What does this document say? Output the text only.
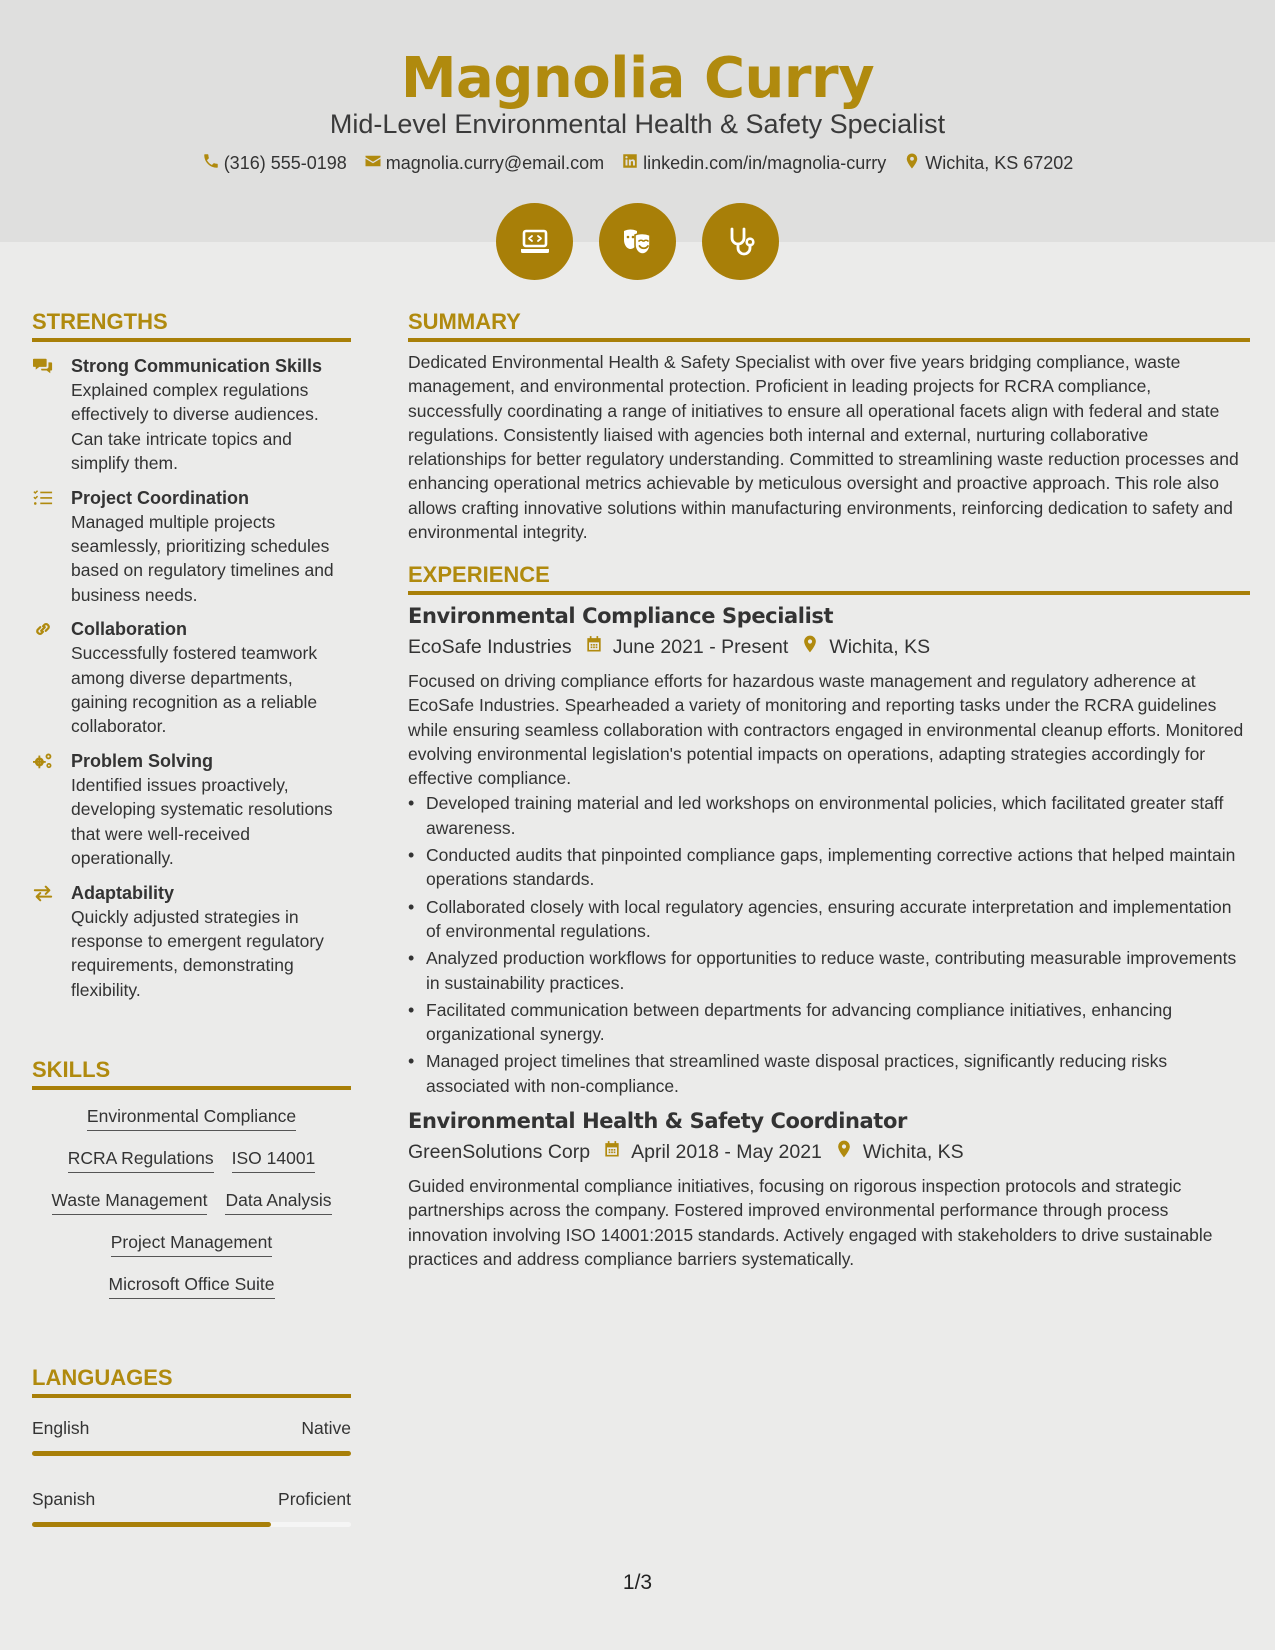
Magnolia Curry
Mid-Level Environmental Health & Safety Specialist
(316) 555-0198 magnolia.curry@email.com linkedin.com/in/magnolia-curry Wichita, KS 67202
STRENGTHS
Strong Communication Skills
Explained complex regulations effectively to diverse audiences. Can take intricate topics and simplify them.
Project Coordination
Managed multiple projects seamlessly, prioritizing schedules based on regulatory timelines and business needs.
Collaboration
Successfully fostered teamwork among diverse departments, gaining recognition as a reliable collaborator.
Problem Solving
Identified issues proactively, developing systematic resolutions that were well-received operationally.
Adaptability
Quickly adjusted strategies in response to emergent regulatory requirements, demonstrating flexibility.
SKILLS
Environmental Compliance
RCRA Regulations ISO 14001
Waste Management Data Analysis
Project Management
Microsoft Office Suite
LANGUAGES
English	Native
Spanish	Proficient
SUMMARY
Dedicated Environmental Health & Safety Specialist with over five years bridging compliance, waste management, and environmental protection. Proficient in leading projects for RCRA compliance, successfully coordinating a range of initiatives to ensure all operational facets align with federal and state regulations. Consistently liaised with agencies both internal and external, nurturing collaborative relationships for better regulatory understanding. Committed to streamlining waste reduction processes and enhancing operational metrics achievable by meticulous oversight and proactive approach. This role also allows crafting innovative solutions within manufacturing environments, reinforcing dedication to safety and environmental integrity.
EXPERIENCE
Environmental Compliance Specialist
EcoSafe Industries June 2021 - Present Wichita, KS
Focused on driving compliance efforts for hazardous waste management and regulatory adherence at EcoSafe Industries. Spearheaded a variety of monitoring and reporting tasks under the RCRA guidelines while ensuring seamless collaboration with contractors engaged in environmental cleanup efforts. Monitored evolving environmental legislation's potential impacts on operations, adapting strategies accordingly for effective compliance.
• Developed training material and led workshops on environmental policies, which facilitated greater staff awareness.
• Conducted audits that pinpointed compliance gaps, implementing corrective actions that helped maintain operations standards.
• Collaborated closely with local regulatory agencies, ensuring accurate interpretation and implementation of environmental regulations.
• Analyzed production workflows for opportunities to reduce waste, contributing measurable improvements in sustainability practices.
• Facilitated communication between departments for advancing compliance initiatives, enhancing organizational synergy.
• Managed project timelines that streamlined waste disposal practices, significantly reducing risks associated with non-compliance.
Environmental Health & Safety Coordinator
GreenSolutions Corp April 2018 - May 2021 Wichita, KS
Guided environmental compliance initiatives, focusing on rigorous inspection protocols and strategic partnerships across the company. Fostered improved environmental performance through process innovation involving ISO 14001:2015 standards. Actively engaged with stakeholders to drive sustainable practices and address compliance barriers systematically.
1/3
